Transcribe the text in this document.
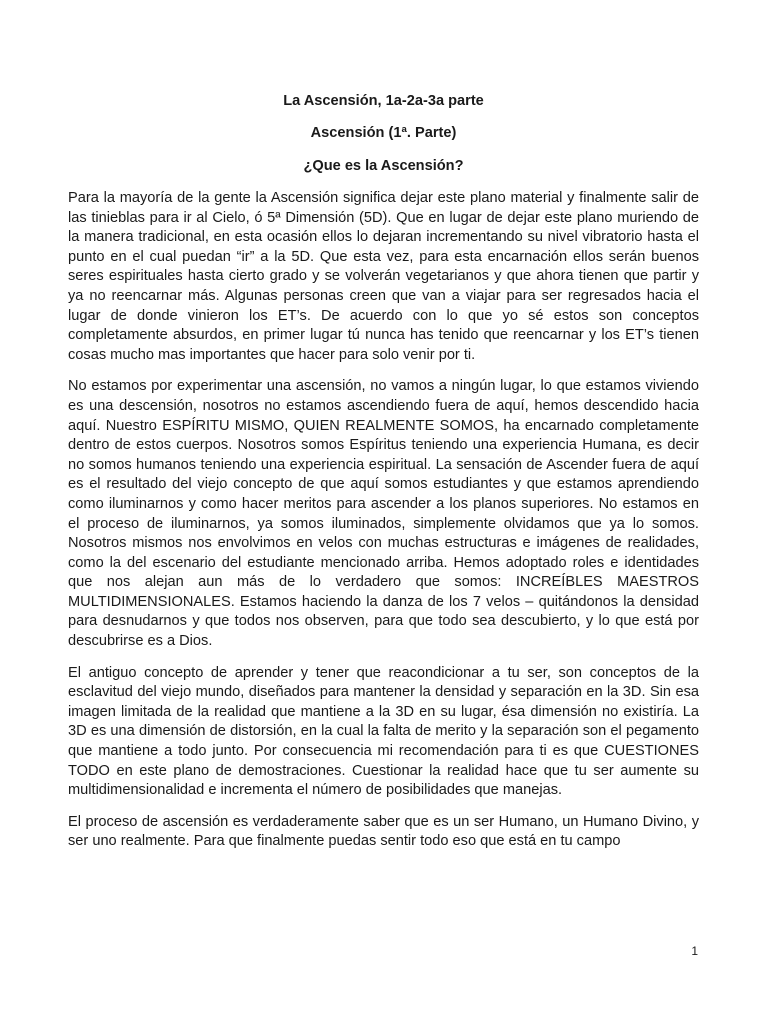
La Ascensión, 1a-2a-3a parte

Ascensión (1ª. Parte)

¿Que es la Ascensión?

Para la mayoría de la gente la Ascensión significa dejar este plano material y finalmente salir de las tinieblas para ir al Cielo, ó 5ª Dimensión (5D). Que en lugar de dejar este plano muriendo de la manera tradicional, en esta ocasión ellos lo dejaran incrementando su nivel vibratorio hasta el punto en el cual puedan “ir” a la 5D. Que esta vez, para esta encarnación ellos serán buenos seres espirituales hasta cierto grado y se volverán vegetarianos y que ahora tienen que partir y ya no reencarnar más. Algunas personas creen que van a viajar para ser regresados hacia el lugar de donde vinieron los ET’s. De acuerdo con lo que yo sé estos son conceptos completamente absurdos, en primer lugar tú nunca has tenido que reencarnar y los ET’s tienen cosas mucho mas importantes que hacer para solo venir por ti.

No estamos por experimentar una ascensión, no vamos a ningún lugar, lo que estamos viviendo es una descensión, nosotros no estamos ascendiendo fuera de aquí, hemos descendido hacia aquí. Nuestro ESPÍRITU MISMO, QUIEN REALMENTE SOMOS, ha encarnado completamente dentro de estos cuerpos. Nosotros somos Espíritus teniendo una experiencia Humana, es decir no somos humanos teniendo una experiencia espiritual. La sensación de Ascender fuera de aquí es el resultado del viejo concepto de que aquí somos estudiantes y que estamos aprendiendo como iluminarnos y como hacer meritos para ascender a los planos superiores. No estamos en el proceso de iluminarnos, ya somos iluminados, simplemente olvidamos que ya lo somos. Nosotros mismos nos envolvimos en velos con muchas estructuras e imágenes de realidades, como la del escenario del estudiante mencionado arriba. Hemos adoptado roles e identidades que nos alejan aun más de lo verdadero que somos: INCREÍBLES MAESTROS MULTIDIMENSIONALES. Estamos haciendo la danza de los 7 velos – quitándonos la densidad para desnudarnos y que todos nos observen, para que todo sea descubierto, y lo que está por descubrirse es a Dios.

El antiguo concepto de aprender y tener que reacondicionar a tu ser, son conceptos de la esclavitud del viejo mundo, diseñados para mantener la densidad y separación en la 3D. Sin esa imagen limitada de la realidad que mantiene a la 3D en su lugar, ésa dimensión no existiría. La 3D es una dimensión de distorsión, en la cual la falta de merito y la separación son el pegamento que mantiene a todo junto. Por consecuencia mi recomendación para ti es que CUESTIONES TODO en este plano de demostraciones. Cuestionar la realidad hace que tu ser aumente su multidimensionalidad e incrementa el número de posibilidades que manejas.

El proceso de ascensión es verdaderamente saber que es un ser Humano, un Humano Divino, y ser uno realmente. Para que finalmente puedas sentir todo eso que está en tu campo

1
